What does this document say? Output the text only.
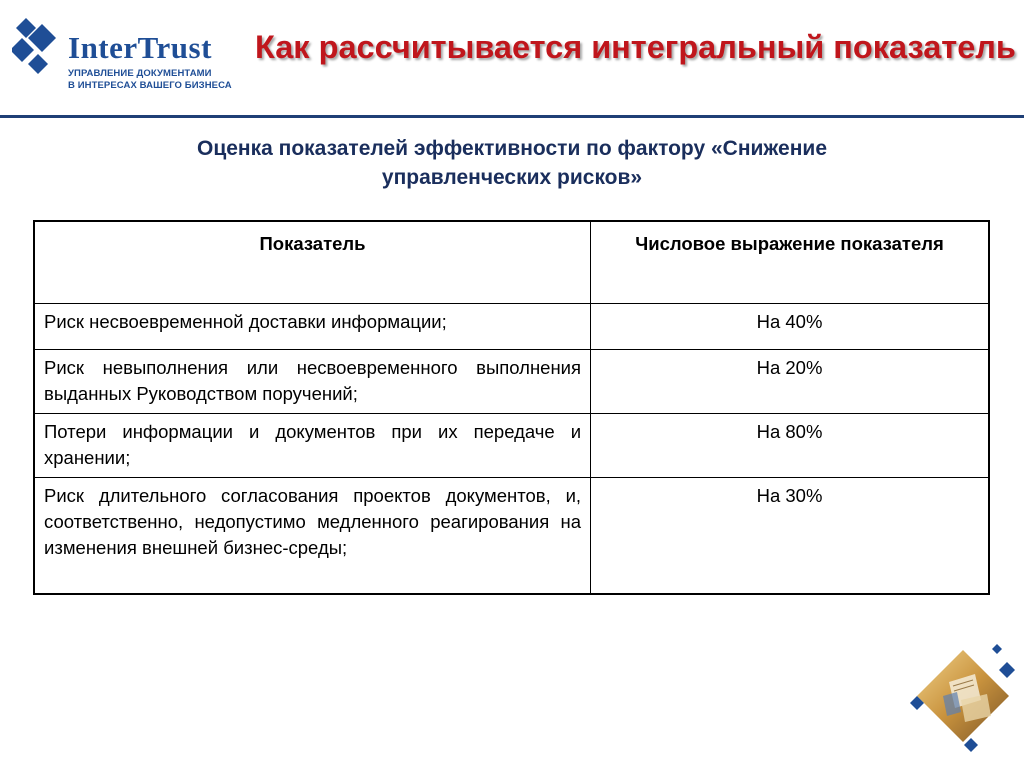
InterTrust
УПРАВЛЕНИЕ ДОКУМЕНТАМИ
В ИНТЕРЕСАХ ВАШЕГО БИЗНЕСА
Как рассчитывается интегральный показатель
Оценка показателей эффективности по фактору «Снижение
управленческих рисков»
Показатель	Числовое выражение показателя
Риск несвоевременной доставки информации;	На 40%
Риск невыполнения или несвоевременного выполнения выданных Руководством поручений;	На 20%
Потери информации и документов при их передаче и хранении;	На 80%
Риск длительного согласования проектов документов, и, соответственно, недопустимо медленного реагирования на изменения внешней бизнес-среды;	На 30%
